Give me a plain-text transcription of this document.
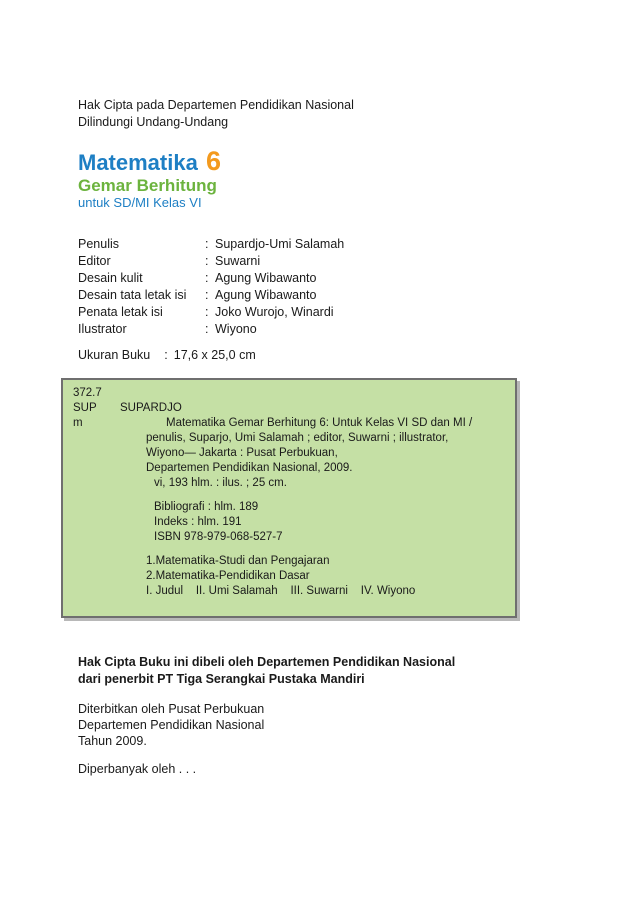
Hak Cipta pada Departemen Pendidikan Nasional
Dilindungi Undang-Undang
Matematika 6
Gemar Berhitung
untuk SD/MI Kelas VI
Penulis	: Supardjo-Umi Salamah
Editor	: Suwarni
Desain kulit	: Agung Wibawanto
Desain tata letak isi	: Agung Wibawanto
Penata letak isi	: Joko Wurojo, Winardi
Ilustrator	: Wiyono
Ukuran Buku : 17,6 x 25,0 cm
372.7
SUP
m
SUPARDJO
Matematika Gemar Berhitung 6: Untuk Kelas VI SD dan MI /
penulis, Suparjo, Umi Salamah ; editor, Suwarni ; illustrator,
Wiyono— Jakarta : Pusat Perbukuan,
Departemen Pendidikan Nasional, 2009.
vi, 193 hlm. : ilus. ; 25 cm.
Bibliografi : hlm. 189
Indeks : hlm. 191
ISBN 978-979-068-527-7
1.Matematika-Studi dan Pengajaran
2.Matematika-Pendidikan Dasar
I. Judul    II. Umi Salamah    III. Suwarni    IV. Wiyono
Hak Cipta Buku ini dibeli oleh Departemen Pendidikan Nasional
dari penerbit PT Tiga Serangkai Pustaka Mandiri
Diterbitkan oleh Pusat Perbukuan
Departemen Pendidikan Nasional
Tahun 2009.
Diperbanyak oleh . . .
